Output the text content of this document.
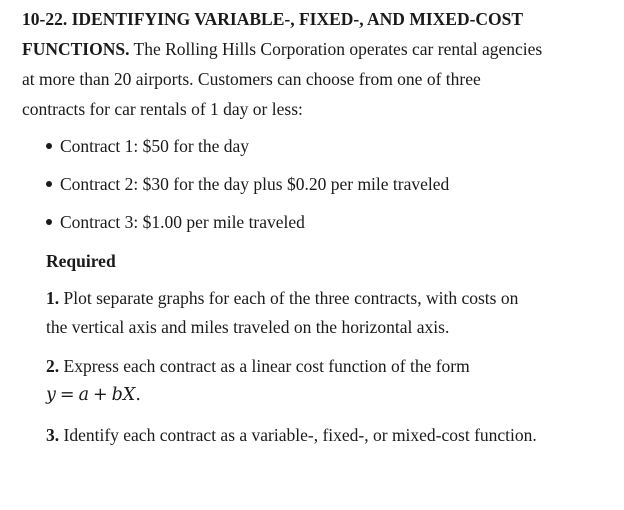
10-22. IDENTIFYING VARIABLE-, FIXED-, AND MIXED-COST
FUNCTIONS. The Rolling Hills Corporation operates car rental agencies
at more than 20 airports. Customers can choose from one of three
contracts for car rentals of 1 day or less:
Contract 1: $50 for the day
Contract 2: $30 for the day plus $0.20 per mile traveled
Contract 3: $1.00 per mile traveled
Required
1. Plot separate graphs for each of the three contracts, with costs on
the vertical axis and miles traveled on the horizontal axis.
2. Express each contract as a linear cost function of the form
y = a + bX.
3. Identify each contract as a variable-, fixed-, or mixed-cost function.
